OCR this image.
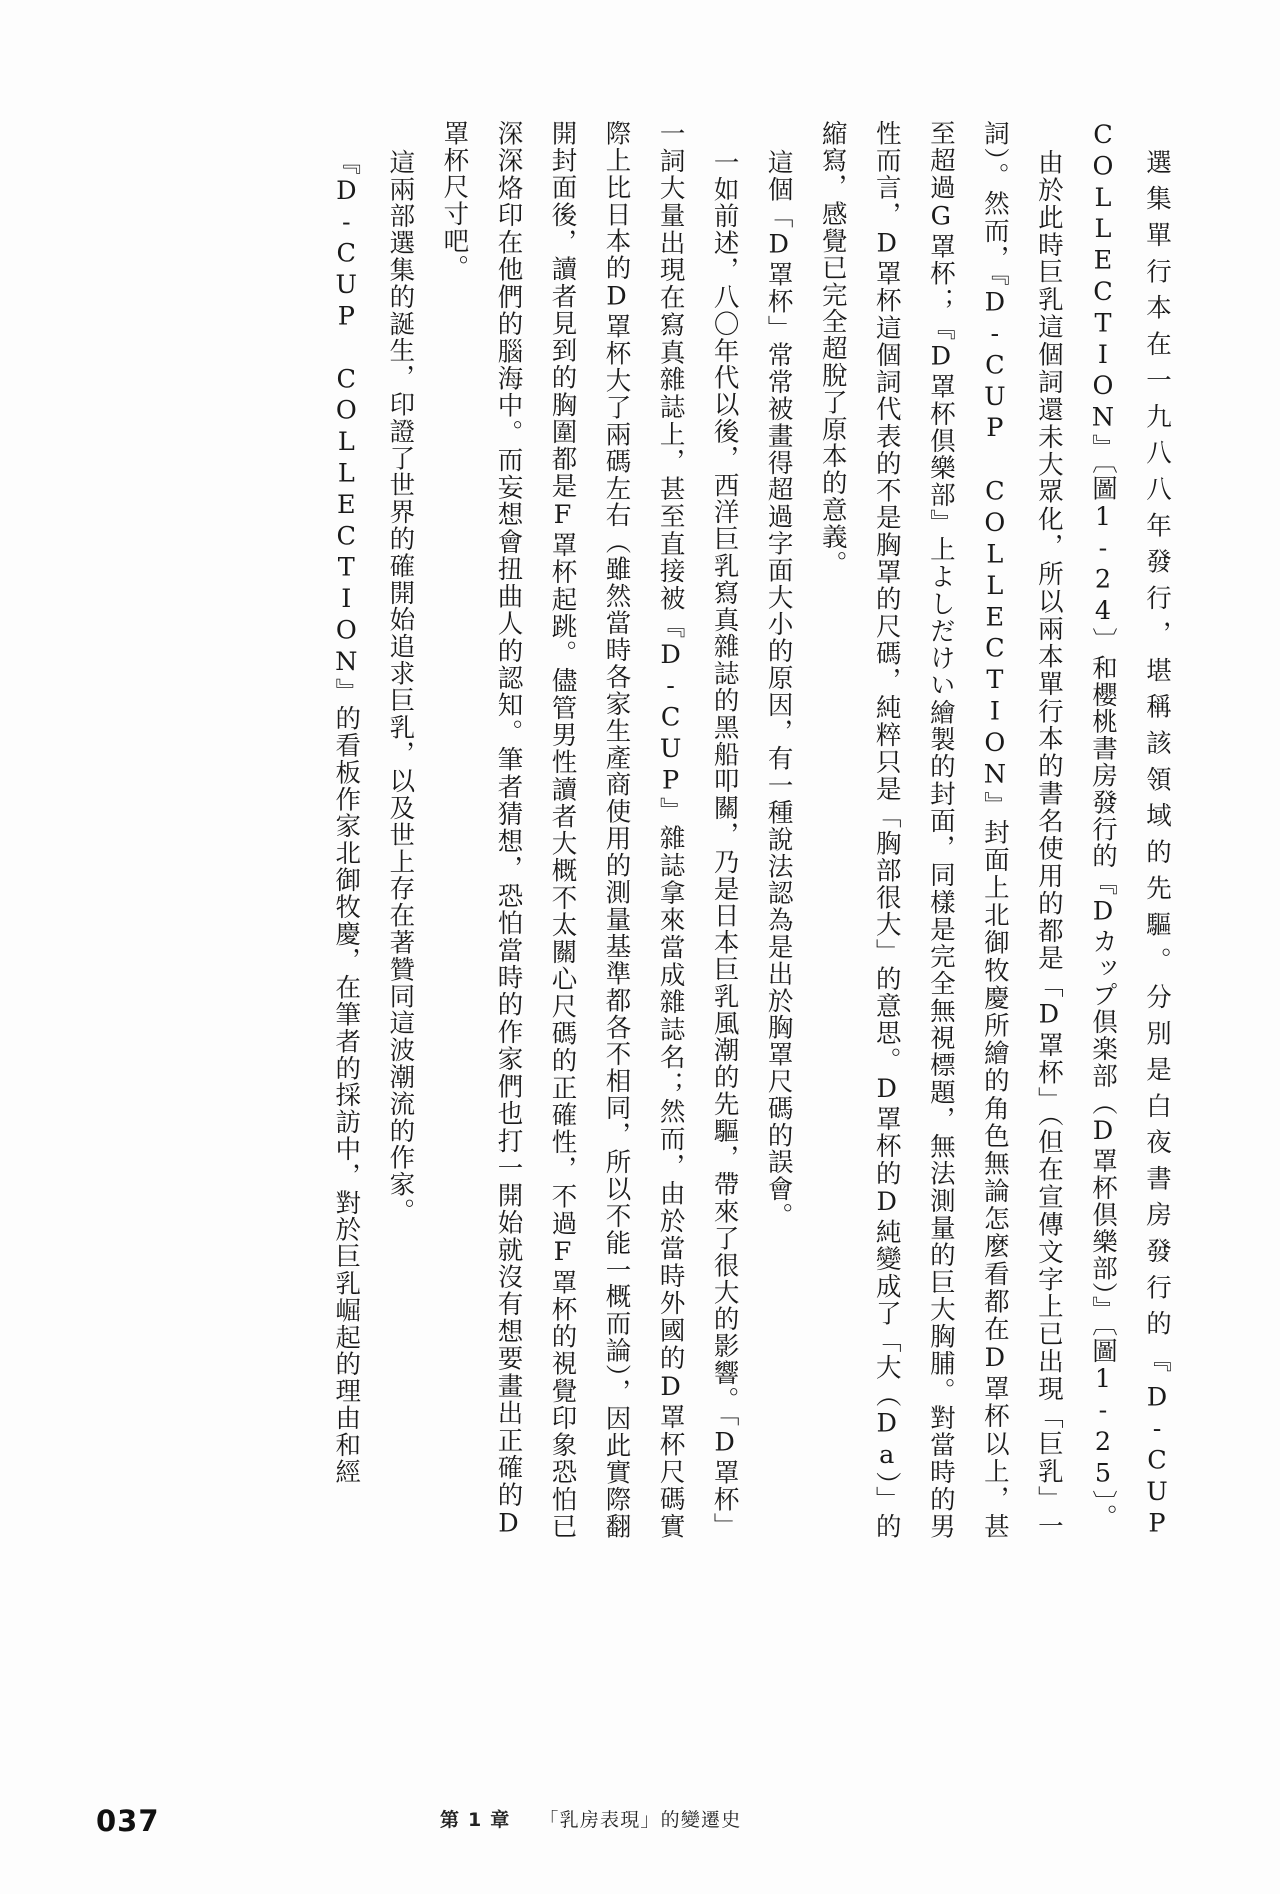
選集單行本在一九八八年發行，堪稱該領域的先驅。分別是白夜書房發行的『D-CUP COLLECTION』〔圖1-24〕和櫻桃書房發行的『Dカップ倶楽部（D罩杯倶樂部）』〔圖1-25〕。

由於此時巨乳這個詞還未大眾化，所以兩本單行本的書名使用的都是「D罩杯」（但在宣傳文字上已出現「巨乳」一詞）。然而，『D-CUP COLLECTION』封面上北御牧慶所繪的角色無論怎麼看都在D罩杯以上，甚至超過G罩杯；『D罩杯倶樂部』上よしだけい繪製的封面，同樣是完全無視標題，無法測量的巨大胸脯。對當時的男性而言，D罩杯這個詞代表的不是胸罩的尺碼，純粹只是「胸部很大」的意思。D罩杯的D純變成了「大（Da）」的縮寫，感覺已完全超脫了原本的意義。

這個「D罩杯」常常被畫得超過字面大小的原因，有一種說法認為是出於胸罩尺碼的誤會。

一如前述，八〇年代以後，西洋巨乳寫真雜誌的黑船叩關，乃是日本巨乳風潮的先驅，帶來了很大的影響。「D罩杯」一詞大量出現在寫真雜誌上，甚至直接被『D-CUP』雜誌拿來當成雜誌名；然而，由於當時外國的D罩杯尺碼實際上比日本的D罩杯大了兩碼左右（雖然當時各家生產商使用的測量基準都各不相同，所以不能一概而論），因此實際翻開封面後，讀者見到的胸圍都是F罩杯起跳。儘管男性讀者大概不太關心尺碼的正確性，不過F罩杯的視覺印象恐怕已深深烙印在他們的腦海中。而妄想會扭曲人的認知。筆者猜想，恐怕當時的作家們也打一開始就沒有想要畫出正確的D罩杯尺寸吧。

這兩部選集的誕生，印證了世界的確開始追求巨乳，以及世上存在著贊同這波潮流的作家。

『D-CUP COLLECTION』的看板作家北御牧慶，在筆者的採訪中，對於巨乳崛起的理由和經

037	第 1 章 「乳房表現」的變遷史
